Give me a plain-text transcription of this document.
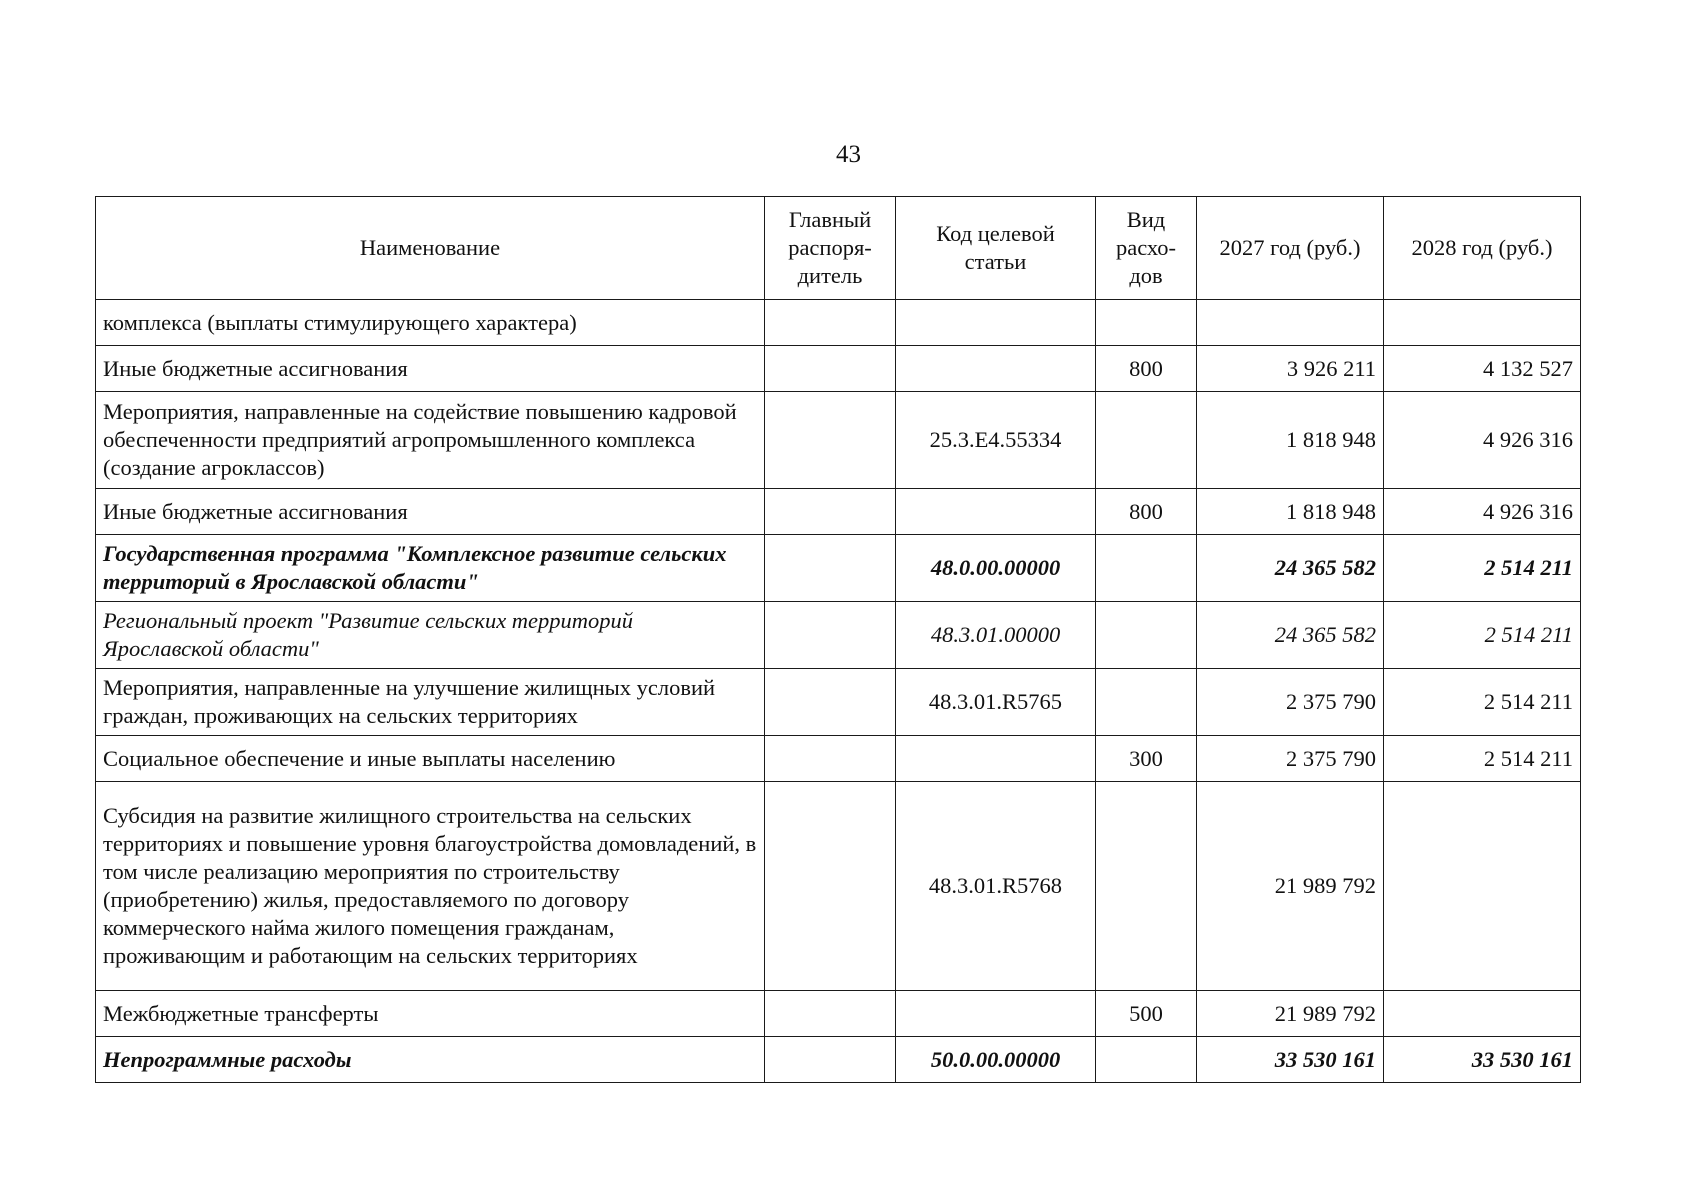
43
Наименование	Главный распоря-дитель	Код целевой статьи	Вид расхо-дов	2027 год (руб.)	2028 год (руб.)
комплекса (выплаты стимулирующего характера)					
Иные бюджетные ассигнования			800	3 926 211	4 132 527
Мероприятия, направленные на содействие повышению кадровой обеспеченности предприятий агропромышленного комплекса (создание агроклассов)		25.3.E4.55334		1 818 948	4 926 316
Иные бюджетные ассигнования			800	1 818 948	4 926 316
Государственная программа "Комплексное развитие сельских территорий в Ярославской области"		48.0.00.00000		24 365 582	2 514 211
Региональный проект "Развитие сельских территорий Ярославской области"		48.3.01.00000		24 365 582	2 514 211
Мероприятия, направленные на улучшение жилищных условий граждан, проживающих на сельских территориях		48.3.01.R5765		2 375 790	2 514 211
Социальное обеспечение и иные выплаты населению			300	2 375 790	2 514 211
Субсидия на развитие жилищного строительства на сельских территориях и повышение уровня благоустройства домовладений, в том числе реализацию мероприятия по строительству (приобретению) жилья, предоставляемого по договору коммерческого найма жилого помещения гражданам, проживающим и работающим на сельских территориях		48.3.01.R5768		21 989 792	
Межбюджетные трансферты			500	21 989 792	
Непрограммные расходы		50.0.00.00000		33 530 161	33 530 161
